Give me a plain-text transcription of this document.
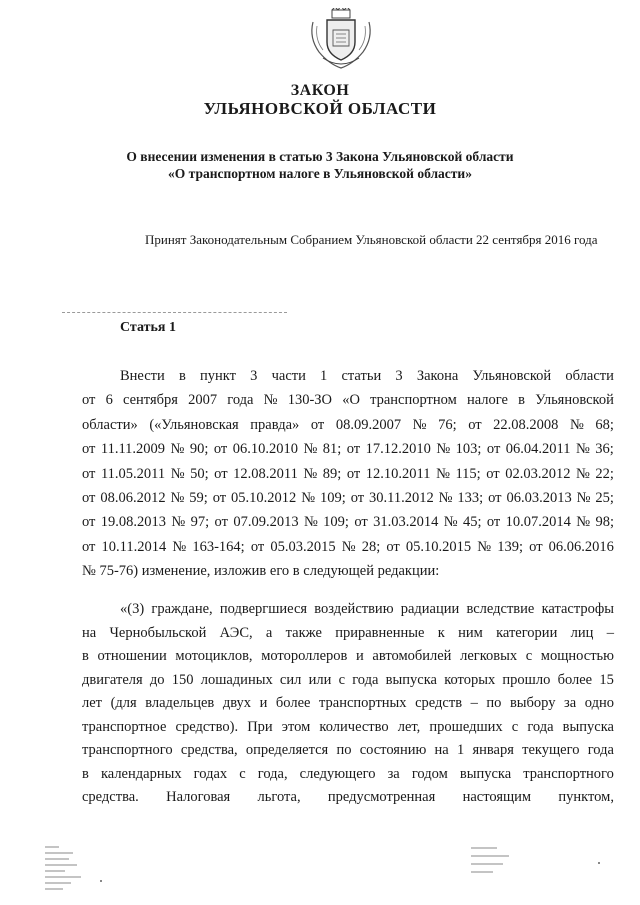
ЗАКОН
УЛЬЯНОВСКОЙ ОБЛАСТИ
О внесении изменения в статью 3 Закона Ульяновской области
«О транспортном налоге в Ульяновской области»
Принят Законодательным Собранием Ульяновской области 22 сентября 2016 года
Статья 1
Внести в пункт 3 части 1 статьи 3 Закона Ульяновской области
от 6 сентября 2007 года № 130-ЗО «О транспортном налоге в Ульяновской
области» («Ульяновская правда» от 08.09.2007 № 76; от 22.08.2008 № 68;
от 11.11.2009 № 90; от 06.10.2010 № 81; от 17.12.2010 № 103; от 06.04.2011 № 36;
от 11.05.2011 № 50; от 12.08.2011 № 89; от 12.10.2011 № 115; от 02.03.2012 № 22;
от 08.06.2012 № 59; от 05.10.2012 № 109; от 30.11.2012 № 133; от 06.03.2013 № 25;
от 19.08.2013 № 97; от 07.09.2013 № 109; от 31.03.2014 № 45; от 10.07.2014 № 98;
от 10.11.2014 № 163-164; от 05.03.2015 № 28; от 05.10.2015 № 139; от 06.06.2016
№ 75-76) изменение, изложив его в следующей редакции:
«(3) граждане, подвергшиеся воздействию радиации вследствие катастрофы
на Чернобыльской АЭС, а также приравненные к ним категории лиц –
в отношении мотоциклов, мотороллеров и автомобилей легковых с мощностью
двигателя до 150 лошадиных сил или с года выпуска которых прошло более 15
лет (для владельцев двух и более транспортных средств – по выбору за одно
транспортное средство). При этом количество лет, прошедших с года выпуска
транспортного средства, определяется по состоянию на 1 января текущего года
в календарных годах с года, следующего за годом выпуска транспортного
средства. Налоговая льгота, предусмотренная настоящим пунктом,
